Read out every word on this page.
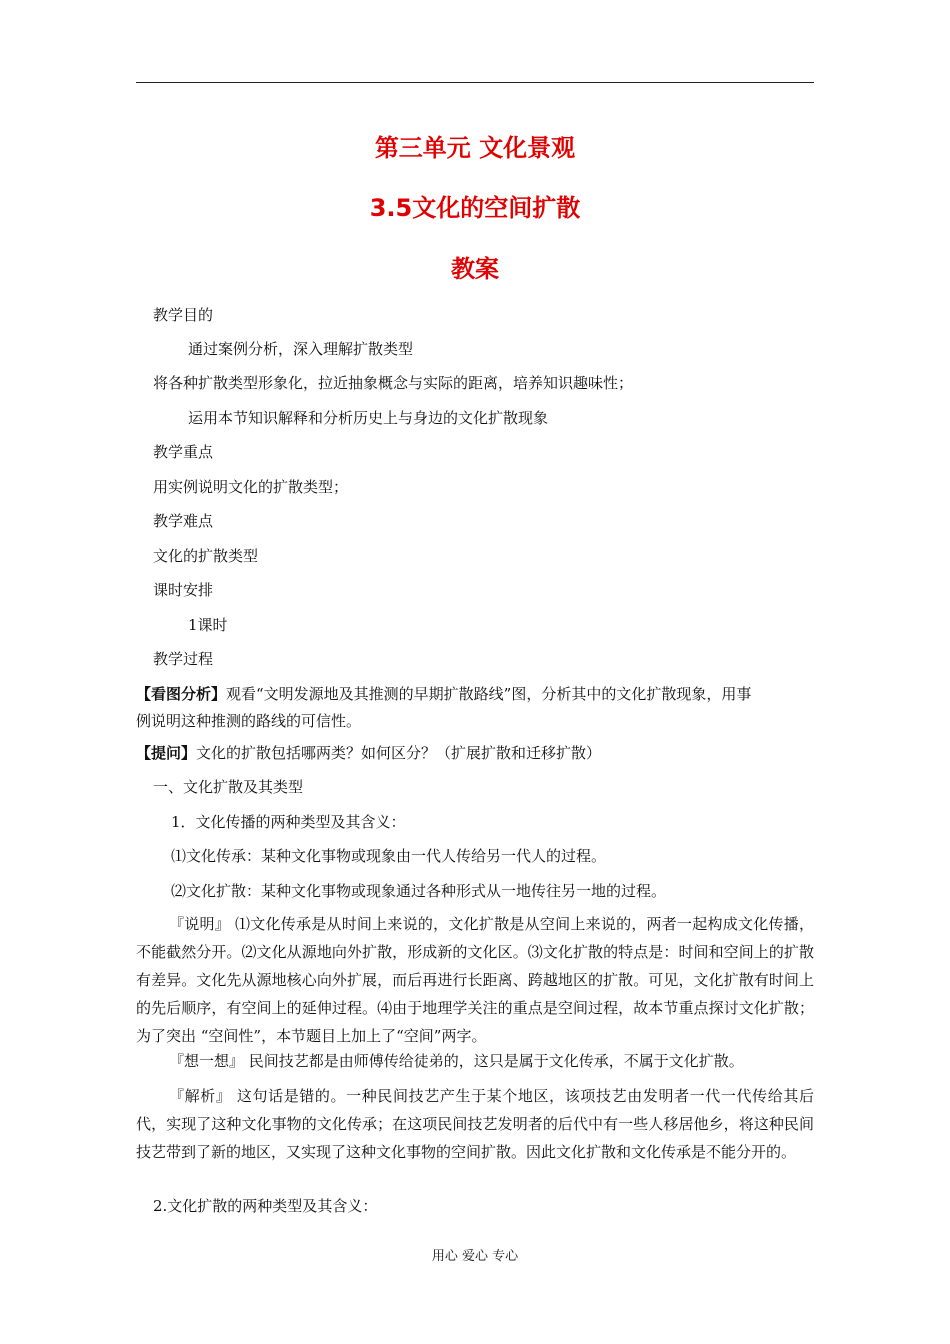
第三单元 文化景观
3.5文化的空间扩散
教案
教学目的
通过案例分析，深入理解扩散类型
将各种扩散类型形象化，拉近抽象概念与实际的距离，培养知识趣味性；
运用本节知识解释和分析历史上与身边的文化扩散现象
教学重点
用实例说明文化的扩散类型；
教学难点
文化的扩散类型
课时安排
1课时
教学过程
【看图分析】观看“文明发源地及其推测的早期扩散路线”图，分析其中的文化扩散现象，用事
例说明这种推测的路线的可信性。
【提问】文化的扩散包括哪两类？如何区分？（扩展扩散和迁移扩散）
一、文化扩散及其类型
1．文化传播的两种类型及其含义：
⑴文化传承：某种文化事物或现象由一代人传给另一代人的过程。
⑵文化扩散：某种文化事物或现象通过各种形式从一地传往另一地的过程。
『说明』 ⑴文化传承是从时间上来说的，文化扩散是从空间上来说的，两者一起构成文化传播，不能截然分开。⑵文化从源地向外扩散，形成新的文化区。⑶文化扩散的特点是：时间和空间上的扩散有差异。文化先从源地核心向外扩展，而后再进行长距离、跨越地区的扩散。可见，文化扩散有时间上的先后顺序，有空间上的延伸过程。⑷由于地理学关注的重点是空间过程，故本节重点探讨文化扩散；为了突出 “空间性”，本节题目上加上了“空间”两字。
『想一想』 民间技艺都是由师傅传给徒弟的，这只是属于文化传承，不属于文化扩散。
『解析』 这句话是错的。一种民间技艺产生于某个地区，该项技艺由发明者一代一代传给其后代，实现了这种文化事物的文化传承；在这项民间技艺发明者的后代中有一些人移居他乡，将这种民间技艺带到了新的地区，又实现了这种文化事物的空间扩散。因此文化扩散和文化传承是不能分开的。
2.文化扩散的两种类型及其含义：
用心 爱心 专心
